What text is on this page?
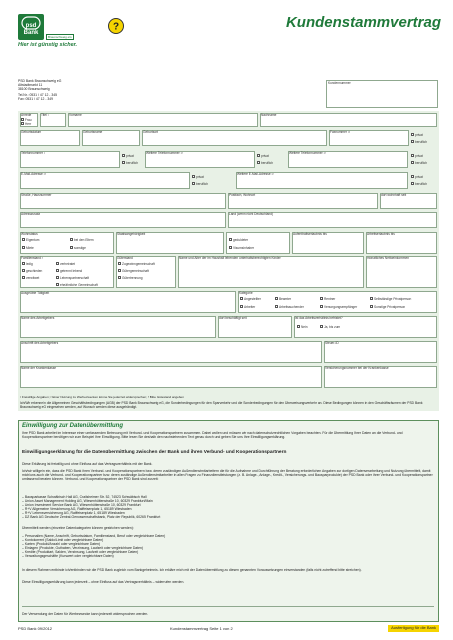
psd Bank
Braunschweig eG
Hier ist günstig sicher.
?	Kundenstammvertrag
PSD Bank Braunschweig eG
Altstadtmarkt 11
38100 Braunschweig
Tel.Nr.: 0531 / 47 12 - 345
Fax: 0531 / 47 12 - 349
Kundennummer
Anrede
Frau
Herr
Titel ¹	Vorname	Nachname
Geburtsdatum	Geburtsname	Geburtsort	Faxnummer ¹²
privat
beruflich
Telefonnummer ¹
privat
beruflich
Weitere Telefonnummer ¹²
privat
beruflich
Weitere Telefonnummer ¹²
privat
beruflich
E-Mail-Adresse ¹²
privat
beruflich
Weitere E-Mail-Adresse ¹²
privat
beruflich
Straße, Hausnummer	Postfach, Wohnort	dort wohnhaft seit
Adresszusatz	Land (wenn nicht Deutschland)
Wohnstatus
Eigentum	bei den Eltern
Miete	sonstige
Staatsangehörigkeit
geduldeter
Visumsinhaber
Aufenthaltserlaubnis bis	Arbeitserlaubnis bis
Familienstand ²
ledig	verheiratet
geschieden	getrennt lebend
verwitwet	Lebenspartnerschaft
eheähnliche Gemeinschaft
Güterstand
Zugewinngemeinschaft
Gütergemeinschaft
Gütertrennung
Name und Alter der im Haushalt lebenden unterhaltsberechtigten Kinder	monatliches Nettoeinkommen
Ausgeübte Tätigkeit	Kategorie
Angestellter	Beamter	Rentner	Selbständige Privatperson
Arbeiter	Arbeitssuchender	Versorgungsempfänger	Sonstige Privatperson
Name des Arbeitgebers	dort beschäftigt seit	Ist das Arbeitsverhältnis befristet?
Nein	Ja, bis zum
Anschrift des Arbeitgebers	Steuer-ID
Name der Krankenkasse	Versicherungsnummer bei der Krankenkasse
¹ Freiwillige Angaben; ² Einer Nutzung zu Werbezwecken könne Sie jederzeit widersprechen; ³ Bitte Gütestand angeben
Ich/Wir erkenne/n die Allgemeinen Geschäftsbedingungen (AGB) der PSD Bank Braunschweig eG, die Sonderbedingungen für den Sparverkehr und die Sonderbedingungen für den Überweisungsverkehr an. Diese Bedingungen können in den Geschäftsräumen der PSD Bank Braunschweig eG eingesehen werden, auf Wunsch werden diese ausgehändigt.
Einwilligung zur Datenübermittlung
Ihre PSD Bank arbeitet im Interesse einer umfassenden Betreuung mit Verbund- und Kooperationspartnern zusammen. Dabei wollen und müssen wir nach datenschutzrechtlichen Vorgaben beachten. Für die Übermittlung Ihrer Daten an die Verbund- und Kooperationspartner benötigen wir zum Beispiel Ihre Einwilligung. Bitte lesen Sie deshalb den nachstehenden Text genau durch und geben Sie uns Ihre Einwilligungserklärung.
Einwilligungserklärung für die Datenübermittlung zwischen der Bank und ihren Verbund- und Kooperationspartnern
Diese Erklärung ist freiwillig und ohne Einfluss auf das Vertragsverhältnis mit der Bank.
Ich/wir willige/n ein, dass die PSD Bank ihren Verbund- und Kooperationspartnern bzw. deren zuständigen Außendienstmitarbeitern die für die Aufnahme und Durchführung der Beratung erforderlichen Angaben zur dortigen Datenverarbeitung und Nutzung übermittelt, damit mich/uns auch die Verbund- und Kooperationspartner bzw. deren zuständige Außendienstmitarbeiter in allen Fragen zu Finanzdienstleistungen (z. B. Anlage-, Anlage-, Kredit-, Versicherungs- und Bausparprodukte) der PSD Bank oder ihrer Verbund- und Kooperationspartner umfassend beraten können. Verbund- und Kooperationspartner der PSD Bank sind zurzeit:
– Bausparkasse Schwäbisch Hall AG, Crailsheimer Str. 52, 74523 Schwäbisch Hall
– Union Asset Management Holding AG, Wiesenhüttenstraße 10, 60329 Frankfurt/Main
– Union Investment Service Bank AG, Wiesenhüttenstraße 10, 60329 Frankfurt
– R+V Allgemeine Versicherung AG, Raiffeisenplatz 1, 65189 Wiesbaden
– R+V Lebensversicherung AG, Raiffeisenplatz 1, 65189 Wiesbaden
– DZ Bank AG Deutsche Zentral-Genossenschaftsbank, Platz der Republik, 60265 Frankfurt
Übermittelt werden (einzelne Datenkategorien können gestrichen werden):
– Personalien (Name, Anschrift, Geburtsdatum, Familienstand, Beruf oder vergleichbare Daten)
– Kontokorrent (Saldo/Limit oder vergleichbare Daten)
– Karten (Produkt/Anzahl oder vergleichbare Daten)
– Einlagen (Produkte, Guthaben, Verzinsung, Laufzeit oder vergleichbare Daten)
– Kredite (Produktart, Salden, Verzinsung, Laufzeit oder vergleichbare Daten)
– Verwaltungsgeschäfte (Kurswert oder vergleichbare Daten)
In diesem Rahmen entbinde ich/entbinden wir die PSD Bank zugleich vom Bankgeheimnis. Ich erkläre mich mit der Datenübermittlung zu diesen genannten Voraussetzungen einverstanden (falls nicht zutreffend bitte streichen).
Diese Einwilligungserklärung kann jederzeit – ohne Einfluss auf das Vertragsverhältnis – widerrufen werden.
Der Verwendung der Daten für Werbezwecke kann jederzeit widersprochen werden.
PSD Bank 09/2012	Kundenstammvertrag Seite 1 von 2	Ausfertigung für die Bank
